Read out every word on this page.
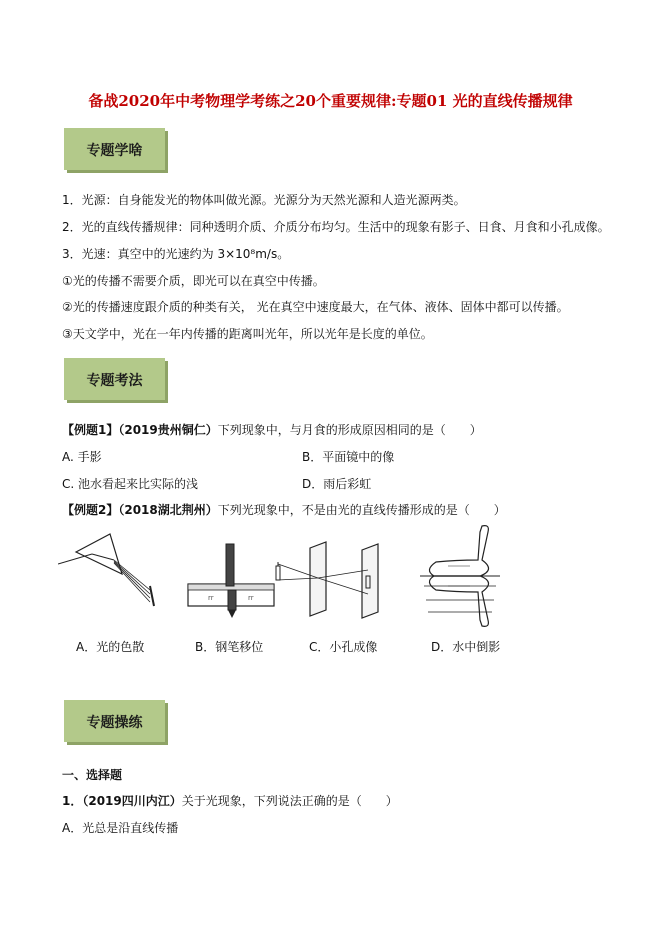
备战2020年中考物理学考练之20个重要规律:专题01 光的直线传播规律
专题学啥
1．光源：自身能发光的物体叫做光源。光源分为天然光源和人造光源两类。
2．光的直线传播规律：同种透明介质、介质分布均匀。生活中的现象有影子、日食、月食和小孔成像。
3．光速：真空中的光速约为 3×10⁸m/s。
①光的传播不需要介质，即光可以在真空中传播。
②光的传播速度跟介质的种类有关， 光在真空中速度最大，在气体、液体、固体中都可以传播。
③天文学中，光在一年内传播的距离叫光年，所以光年是长度的单位。
专题考法
【例题1】（2019贵州铜仁）下列现象中，与月食的形成原因相同的是（　　）
A. 手影	B．平面镜中的像
C. 池水看起来比实际的浅	D．雨后彩虹
【例题2】（2018湖北荆州）下列光现象中，不是由光的直线传播形成的是（　　）
rr	rr
A．光的色散	B．钢笔移位	C．小孔成像	D．水中倒影
专题操练
一、选择题
1．（2019四川内江）关于光现象，下列说法正确的是（　　）
A．光总是沿直线传播
